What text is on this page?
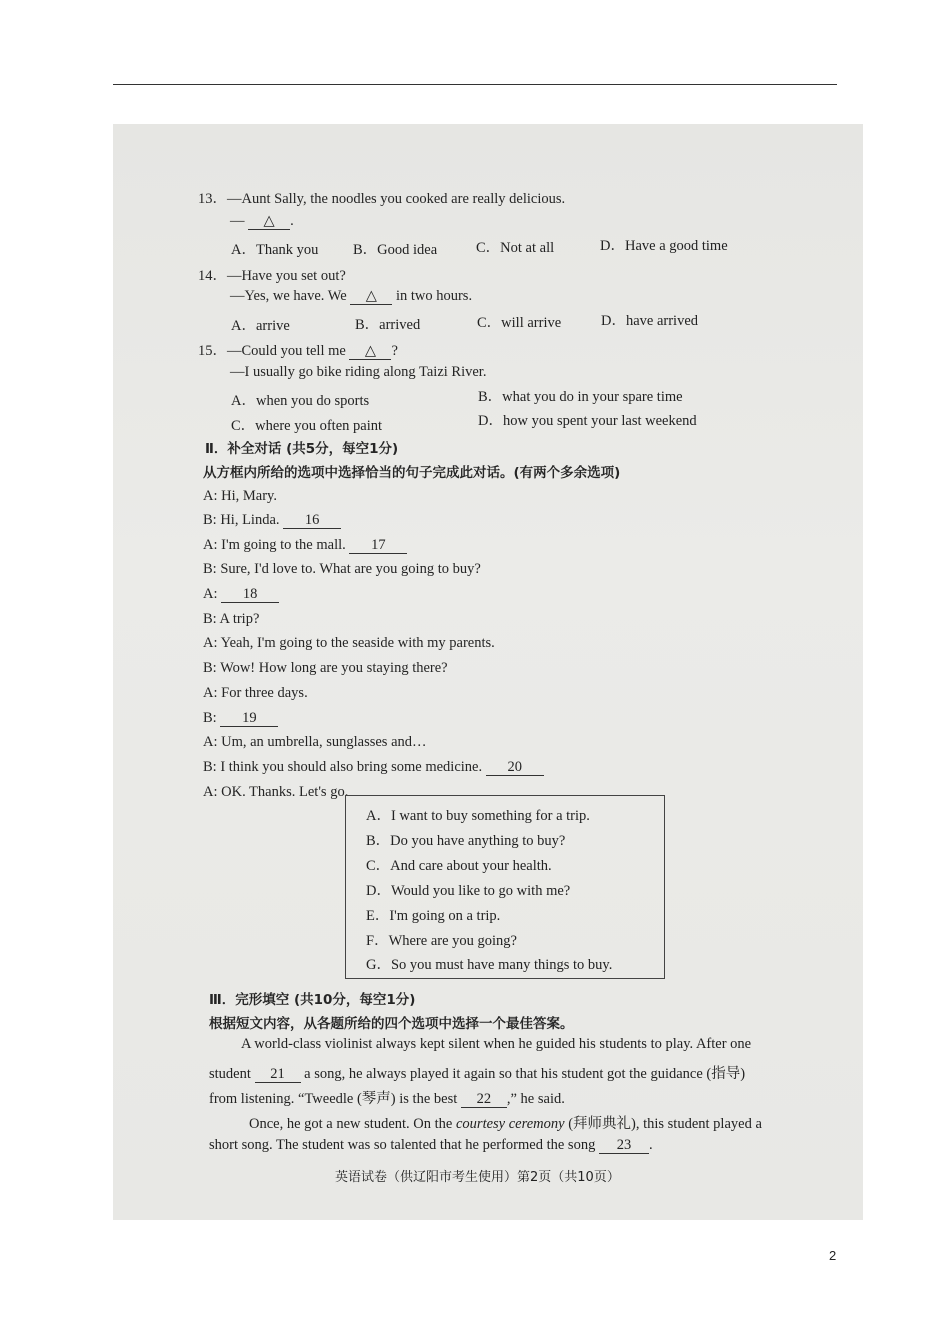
13．—Aunt Sally, the noodles you cooked are really delicious.
— △ .
A．Thank you B．Good idea	C．Not at all	D．Have a good time
14．—Have you set out?
—Yes, we have. We △ in two hours.
A．arrive	B．arrived	C．will arrive	D．have arrived
15．—Could you tell me △ ?
—I usually go bike riding along Taizi River.
A．when you do sports	B．what you do in your spare time
C．where you often paint	D．how you spent your last weekend
Ⅱ．补全对话 (共5分，每空1分)
从方框内所给的选项中选择恰当的句子完成此对话。(有两个多余选项)
A: Hi, Mary.
B: Hi, Linda. 16
A: I'm going to the mall. 17
B: Sure, I'd love to. What are you going to buy?
A: 18
B: A trip?
A: Yeah, I'm going to the seaside with my parents.
B: Wow! How long are you staying there?
A: For three days.
B: 19
A: Um, an umbrella, sunglasses and…
B: I think you should also bring some medicine. 20
A: OK. Thanks. Let's go.
A．I want to buy something for a trip.
B．Do you have anything to buy?
C．And care about your health.
D．Would you like to go with me?
E．I'm going on a trip.
F．Where are you going?
G．So you must have many things to buy.
Ⅲ．完形填空 (共10分，每空1分)
根据短文内容，从各题所给的四个选项中选择一个最佳答案。
A world-class violinist always kept silent when he guided his students to play. After one
student 21 a song, he always played it again so that his student got the guidance (指导)
from listening. “Tweedle (琴声) is the best 22 ,” he said.
Once, he got a new student. On the courtesy ceremony (拜师典礼), this student played a
short song. The student was so talented that he performed the song 23 .
英语试卷（供辽阳市考生使用）第2页（共10页）
2
